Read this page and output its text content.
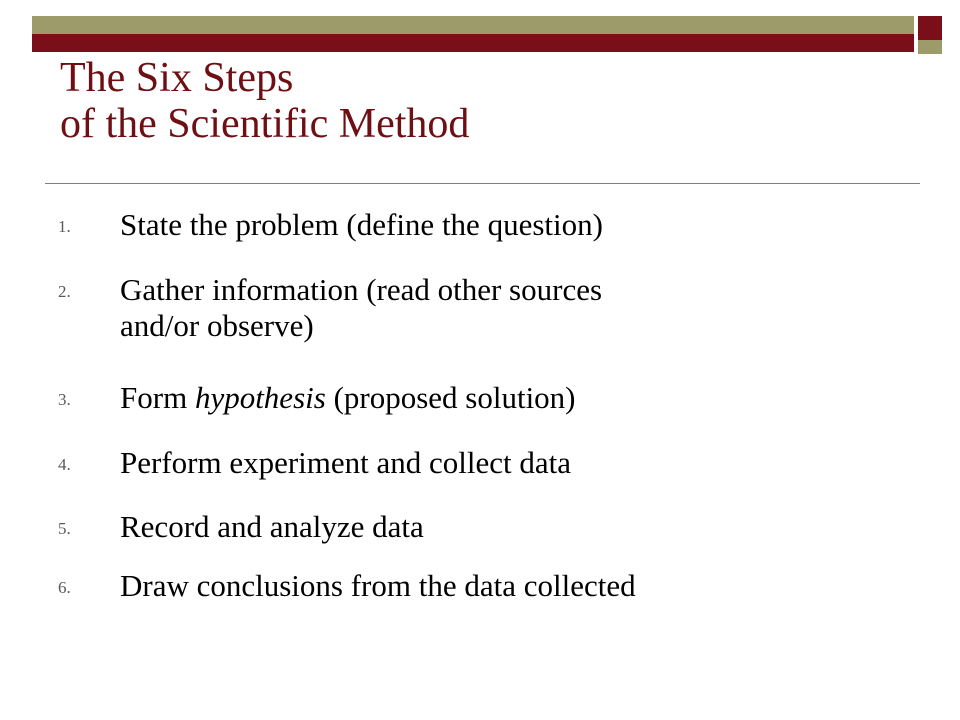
The Six Steps
of the Scientific Method
1. State the problem (define the question)
2. Gather information (read other sources
and/or observe)
3. Form hypothesis (proposed solution)
4. Perform experiment and collect data
5. Record and analyze data
6. Draw conclusions from the data collected
